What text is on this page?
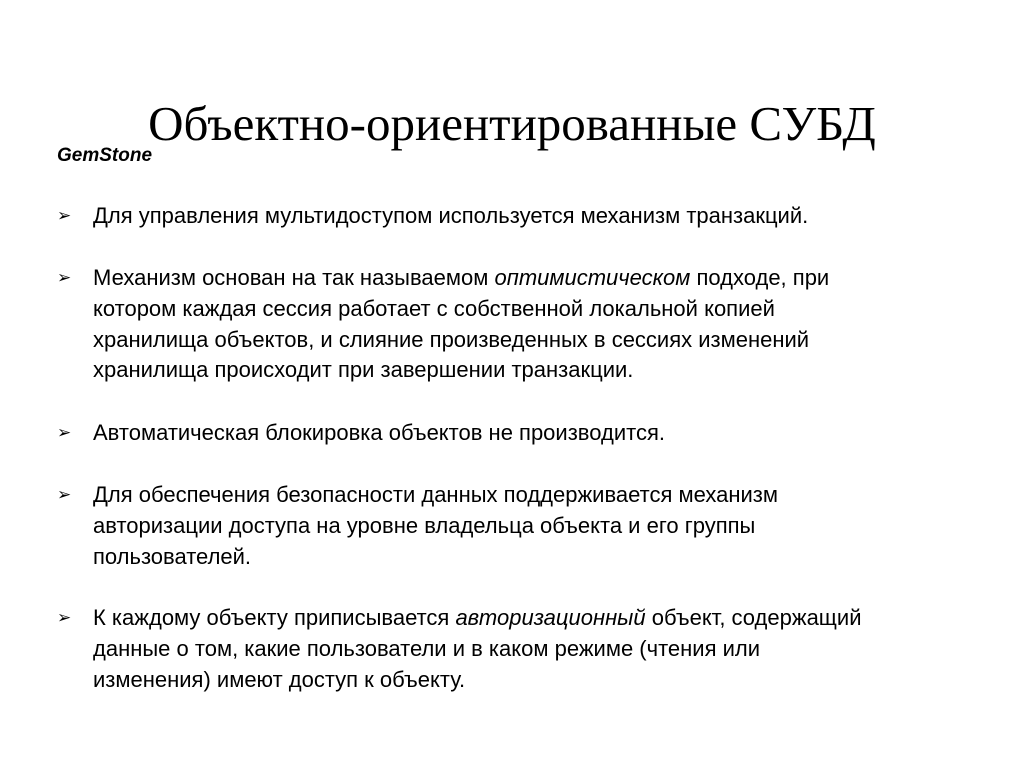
Объектно-ориентированные СУБД
GemStone
➢ Для управления мультидоступом используется механизм транзакций.
➢ Механизм основан на так называемом оптимистическом подходе, при
котором каждая сессия работает с собственной локальной копией
хранилища объектов, и слияние произведенных в сессиях изменений
хранилища происходит при завершении транзакции.
➢ Автоматическая блокировка объектов не производится.
➢ Для обеспечения безопасности данных поддерживается механизм
авторизации доступа на уровне владельца объекта и его группы
пользователей.
➢ К каждому объекту приписывается авторизационный объект, содержащий
данные о том, какие пользователи и в каком режиме (чтения или
изменения) имеют доступ к объекту.
